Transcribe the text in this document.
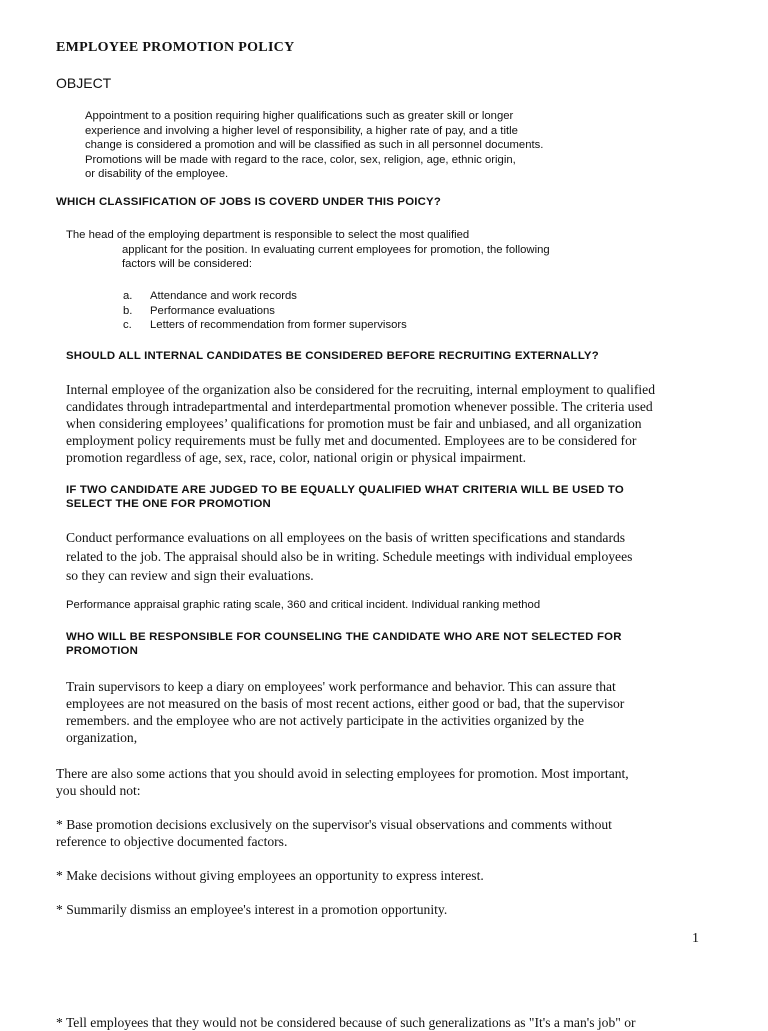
EMPLOYEE PROMOTION POLICY
OBJECT

Appointment to a position requiring higher qualifications such as greater skill or longer
experience and involving a higher level of responsibility, a higher rate of pay, and a title
change is considered a promotion and will be classified as such in all personnel documents.
Promotions will be made with regard to the race, color, sex, religion, age, ethnic origin,
or disability of the employee.

WHICH CLASSIFICATION OF JOBS IS COVERD UNDER THIS POICY?

The head of the employing department is responsible to select the most qualified
applicant for the position. In evaluating current employees for promotion, the following
factors will be considered:

a.	Attendance and work records
b.	Performance evaluations
c.	Letters of recommendation from former supervisors
SHOULD ALL INTERNAL CANDIDATES BE CONSIDERED BEFORE RECRUITING EXTERNALLY?

Internal employee of the organization also be considered for the recruiting, internal employment to qualified
candidates through intradepartmental and interdepartmental promotion whenever possible. The criteria used
when considering employees’ qualifications for promotion must be fair and unbiased, and all organization
employment policy requirements must be fully met and documented. Employees are to be considered for
promotion regardless of age, sex, race, color, national origin or physical impairment.

IF TWO CANDIDATE ARE JUDGED TO BE EQUALLY QUALIFIED WHAT CRITERIA WILL BE USED TO
SELECT THE ONE FOR PROMOTION

Conduct performance evaluations on all employees on the basis of written specifications and standards
related to the job. The appraisal should also be in writing. Schedule meetings with individual employees
so they can review and sign their evaluations.

Performance appraisal graphic rating scale, 360 and critical incident. Individual ranking method

WHO WILL BE RESPONSIBLE FOR COUNSELING THE CANDIDATE WHO ARE NOT SELECTED FOR
PROMOTION

Train supervisors to keep a diary on employees' work performance and behavior. This can assure that
employees are not measured on the basis of most recent actions, either good or bad, that the supervisor
remembers. and the employee who are not actively participate in the activities organized by the
organization,

There are also some actions that you should avoid in selecting employees for promotion. Most important,
you should not:

* Base promotion decisions exclusively on the supervisor's visual observations and comments without
reference to objective documented factors.

* Make decisions without giving employees an opportunity to express interest.

* Summarily dismiss an employee's interest in a promotion opportunity.

1
* Tell employees that they would not be considered because of such generalizations as "It's a man's job" or
